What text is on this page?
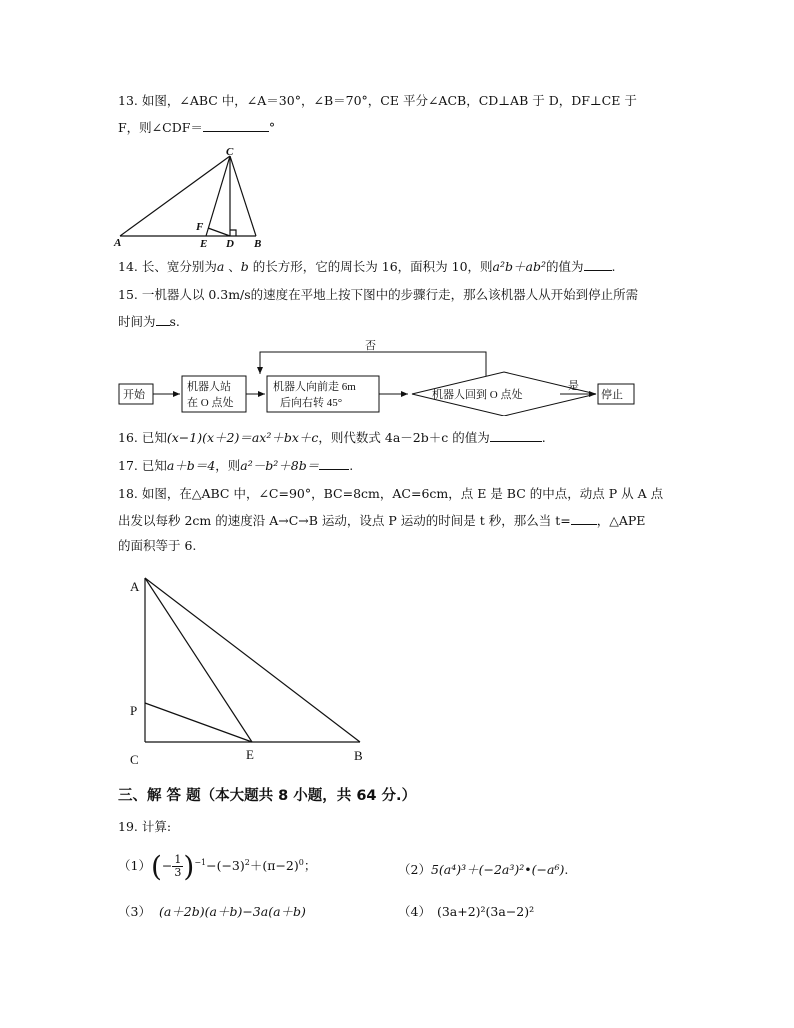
13. 如图，∠ABC 中，∠A＝30°，∠B＝70°，CE 平分∠ACB，CD⊥AB 于 D，DF⊥CE 于
F，则∠CDF＝	°
C
F
A	E D B
14. 长、宽分别为a 、b 的长方形，它的周长为 16，面积为 10，则a²b＋ab²的值为 .
15. 一机器人以 0.3m/s的速度在平地上按下图中的步骤行走，那么该机器人从开始到停止所需
时间为 s.
开始
机器人站
在 O 点处
机器人向前走 6m
后向右转 45°
机器人回到 O 点处
是
否
停止
16. 已知(x−1)(x＋2)＝ax²＋bx＋c，则代数式 4a－2b＋c 的值为	.
17. 已知a＋b＝4，则a²－b²＋8b＝ .
18. 如图，在△ABC 中，∠C=90°，BC=8cm，AC=6cm，点 E 是 BC 的中点，动点 P 从 A 点
出发以每秒 2cm 的速度沿 A→C→B 运动，设点 P 运动的时间是 t 秒，那么当 t= ，△APE
的面积等于 6.
A
P
C	E	B
三、解 答 题（本大题共 8 小题，共 64 分.）
19. 计算:
$(1)(- \frac{1}{3} )^{-1}-(-3)^2+(\pi-2)^0$；	（2）5(a⁴)³＋(−2a³)²•(−a⁶).
（3） (a＋2b)(a＋b)−3a(a＋b)	（4） (3a+2)²(3a−2)²
